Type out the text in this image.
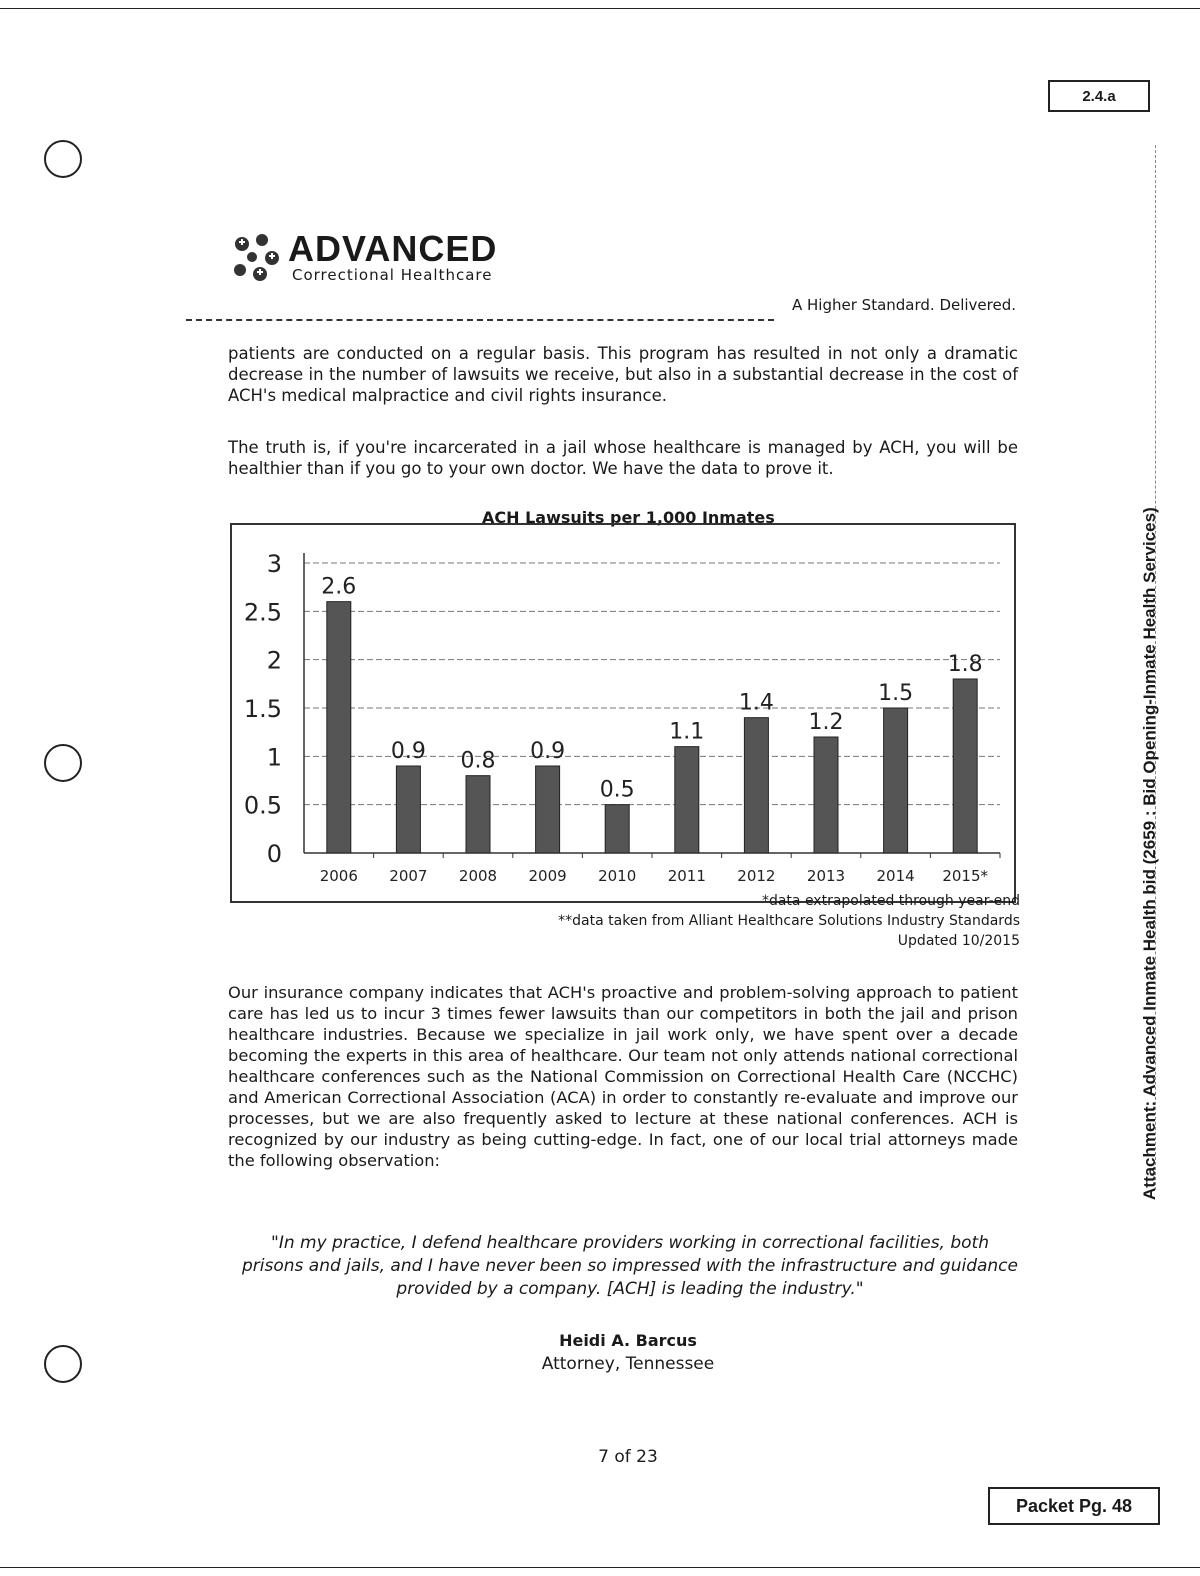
2.4.a
Attachment: Advanced Inmate Health bid (2659 : Bid Opening-Inmate Health Services)
ADVANCED
Correctional Healthcare
A Higher Standard. Delivered.

patients are conducted on a regular basis. This program has resulted in not only a dramatic decrease in the number of lawsuits we receive, but also in a substantial decrease in the cost of ACH's medical malpractice and civil rights insurance.

The truth is, if you're incarcerated in a jail whose healthcare is managed by ACH, you will be healthier than if you go to your own doctor. We have the data to prove it.

ACH Lawsuits per 1,000 Inmates
0
0.5
1
1.5
2
2.5
3
2.6
2006
0.9
2007
0.8
2008
0.9
2009
0.5
2010
1.1
2011
1.4
2012
1.2
2013
1.5
2014
1.8
2015*
*data extrapolated through year-end
**data taken from Alliant Healthcare Solutions Industry Standards
Updated 10/2015

Our insurance company indicates that ACH's proactive and problem-solving approach to patient care has led us to incur 3 times fewer lawsuits than our competitors in both the jail and prison healthcare industries. Because we specialize in jail work only, we have spent over a decade becoming the experts in this area of healthcare. Our team not only attends national correctional healthcare conferences such as the National Commission on Correctional Health Care (NCCHC) and American Correctional Association (ACA) in order to constantly re-evaluate and improve our processes, but we are also frequently asked to lecture at these national conferences. ACH is recognized by our industry as being cutting-edge. In fact, one of our local trial attorneys made the following observation:

"In my practice, I defend healthcare providers working in correctional facilities, both prisons and jails, and I have never been so impressed with the infrastructure and guidance provided by a company. [ACH] is leading the industry."

Heidi A. Barcus
Attorney, Tennessee
7 of 23
Packet Pg. 48
